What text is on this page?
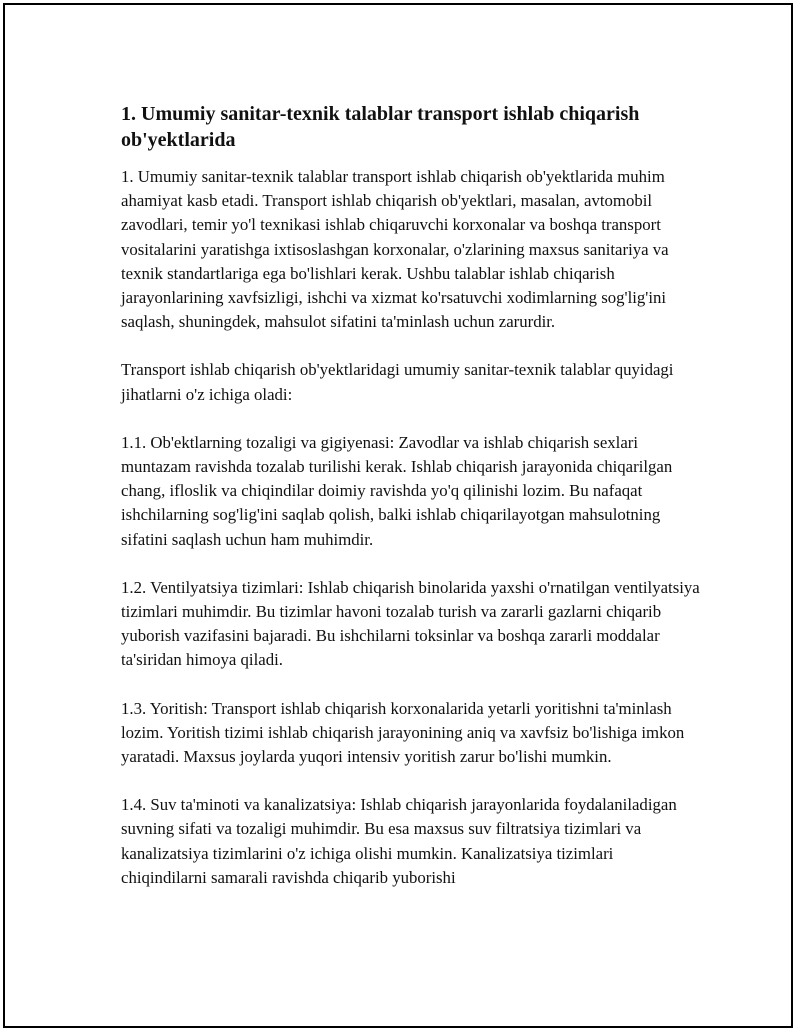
1. Umumiy sanitar-texnik talablar transport ishlab chiqarish ob'yektlarida

1. Umumiy sanitar-texnik talablar transport ishlab chiqarish ob'yektlarida muhim ahamiyat kasb etadi. Transport ishlab chiqarish ob'yektlari, masalan, avtomobil zavodlari, temir yo'l texnikasi ishlab chiqaruvchi korxonalar va boshqa transport vositalarini yaratishga ixtisoslashgan korxonalar, o'zlarining maxsus sanitariya va texnik standartlariga ega bo'lishlari kerak. Ushbu talablar ishlab chiqarish jarayonlarining xavfsizligi, ishchi va xizmat ko'rsatuvchi xodimlarning sog'lig'ini saqlash, shuningdek, mahsulot sifatini ta'minlash uchun zarurdir.

Transport ishlab chiqarish ob'yektlaridagi umumiy sanitar-texnik talablar quyidagi jihatlarni o'z ichiga oladi:

1.1. Ob'ektlarning tozaligi va gigiyenasi: Zavodlar va ishlab chiqarish sexlari muntazam ravishda tozalab turilishi kerak. Ishlab chiqarish jarayonida chiqarilgan chang, ifloslik va chiqindilar doimiy ravishda yo'q qilinishi lozim. Bu nafaqat ishchilarning sog'lig'ini saqlab qolish, balki ishlab chiqarilayotgan mahsulotning sifatini saqlash uchun ham muhimdir.

1.2. Ventilyatsiya tizimlari: Ishlab chiqarish binolarida yaxshi o'rnatilgan ventilyatsiya tizimlari muhimdir. Bu tizimlar havoni tozalab turish va zararli gazlarni chiqarib yuborish vazifasini bajaradi. Bu ishchilarni toksinlar va boshqa zararli moddalar ta'siridan himoya qiladi.

1.3. Yoritish: Transport ishlab chiqarish korxonalarida yetarli yoritishni ta'minlash lozim. Yoritish tizimi ishlab chiqarish jarayonining aniq va xavfsiz bo'lishiga imkon yaratadi. Maxsus joylarda yuqori intensiv yoritish zarur bo'lishi mumkin.

1.4. Suv ta'minoti va kanalizatsiya: Ishlab chiqarish jarayonlarida foydalaniladigan suvning sifati va tozaligi muhimdir. Bu esa maxsus suv filtratsiya tizimlari va kanalizatsiya tizimlarini o'z ichiga olishi mumkin. Kanalizatsiya tizimlari chiqindilarni samarali ravishda chiqarib yuborishi
